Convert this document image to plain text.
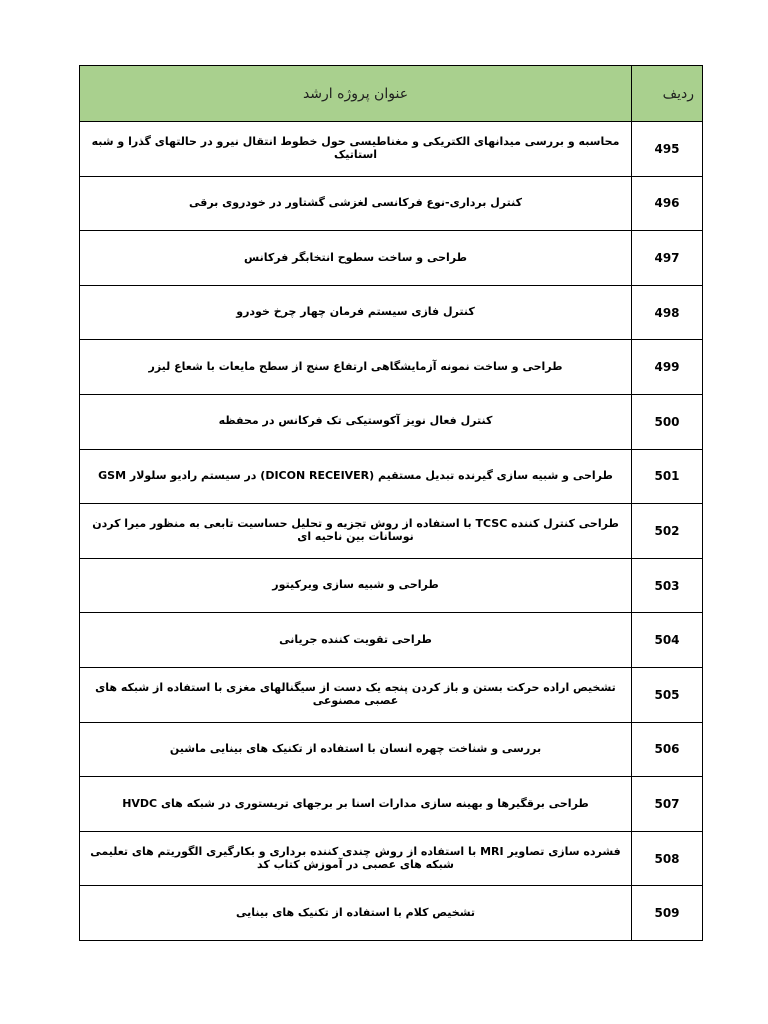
ردیف	عنوان پروژه ارشد
495	محاسبه و بررسی میدانهای الکتریکی و مغناطیسی حول خطوط انتقال نیرو در حالتهای گذرا و شبه استاتیک
496	کنترل برداری-نوع فرکانسی لغزشی گشتاور در خودروی برقی
497	طراحی و ساخت سطوح انتخابگر فرکانس
498	کنترل فازی سیستم فرمان چهار چرخ خودرو
499	طراحی و ساخت نمونه آزمایشگاهی ارتفاع سنج از سطح مایعات با شعاع لیزر
500	کنترل فعال نویز آکوستیکی تک فرکانس در محفظه
501	طراحی و شبیه سازی گیرنده تبدیل مستقیم (DICON RECEIVER) در سیستم رادیو سلولار GSM
502	طراحی کنترل کننده TCSC با استفاده از روش تجزیه و تحلیل حساسیت تابعی به منظور میرا کردن نوسانات بین ناحیه ای
503	طراحی و شبیه سازی ویرکیتور
504	طراحی تقویت کننده جریانی
505	تشخیص اراده حرکت بستن و باز کردن پنجه یک دست از سیگنالهای مغزی با استفاده از شبکه های عصبی مصنوعی
506	بررسی و شناخت چهره انسان با استفاده از تکنیک های بینایی ماشین
507	طراحی برقگیرها و بهینه سازی مدارات اسنا بر برجهای تریستوری در شبکه های HVDC
508	فشرده سازی تصاویر MRI با استفاده از روش چندی کننده برداری و بکارگیری الگوریتم های تعلیمی شبکه های عصبی در آموزش کتاب کد
509	تشخیص کلام با استفاده از تکنیک های بینایی
